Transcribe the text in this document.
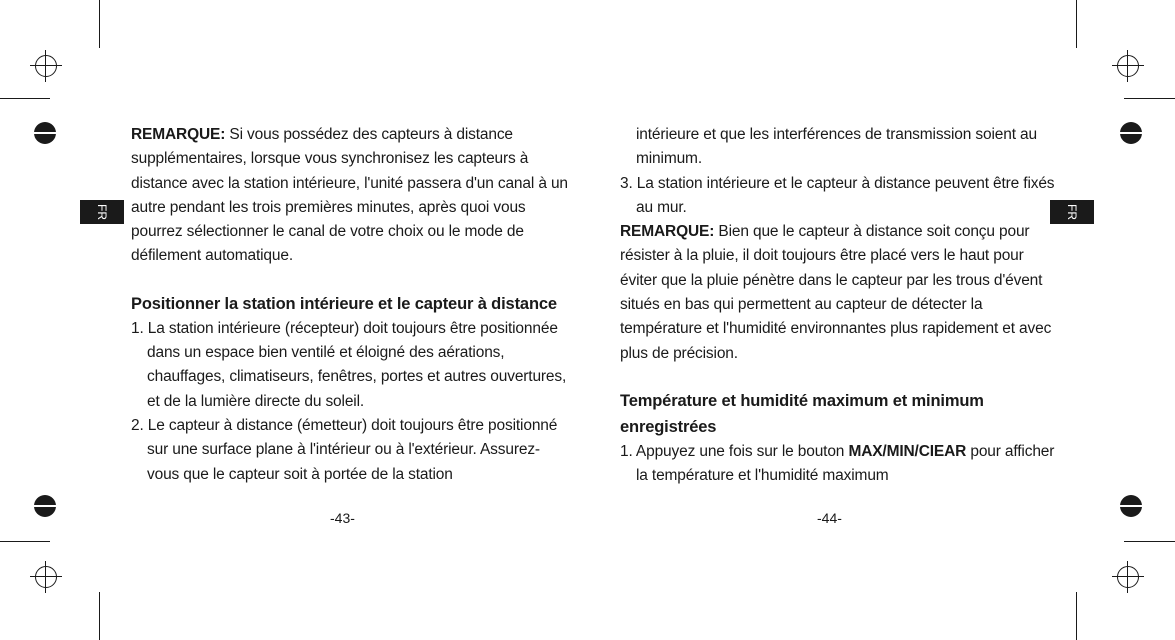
FR

REMARQUE: Si vous possédez des capteurs à distance supplémentaires, lorsque vous synchronisez les capteurs à distance avec la station intérieure, l'unité passera d'un canal à un autre pendant les trois premières minutes, après quoi vous pourrez sélectionner le canal de votre choix ou le mode de défilement automatique.

Positionner la station intérieure et le capteur à distance

1. La station intérieure (récepteur) doit toujours être positionnée dans un espace bien ventilé et éloigné des aérations, chauffages, climatiseurs, fenêtres, portes et autres ouvertures, et de la lumière directe du soleil.

2. Le capteur à distance (émetteur) doit toujours être positionné sur une surface plane à l'intérieur ou à l'extérieur. Assurez-vous que le capteur soit à portée de la station

-43-
FR

intérieure et que les interférences de transmission soient au minimum.

3. La station intérieure et le capteur à distance peuvent être fixés au mur.

REMARQUE: Bien que le capteur à distance soit conçu pour résister à la pluie, il doit toujours être placé vers le haut pour éviter que la pluie pénètre dans le capteur par les trous d'évent situés en bas qui permettent au capteur de détecter la température et l'humidité environnantes plus rapidement et avec plus de précision.

Température et humidité maximum et minimum enregistrées

1. Appuyez une fois sur le bouton MAX/MIN/CIEAR pour afficher la température et l'humidité maximum

-44-
